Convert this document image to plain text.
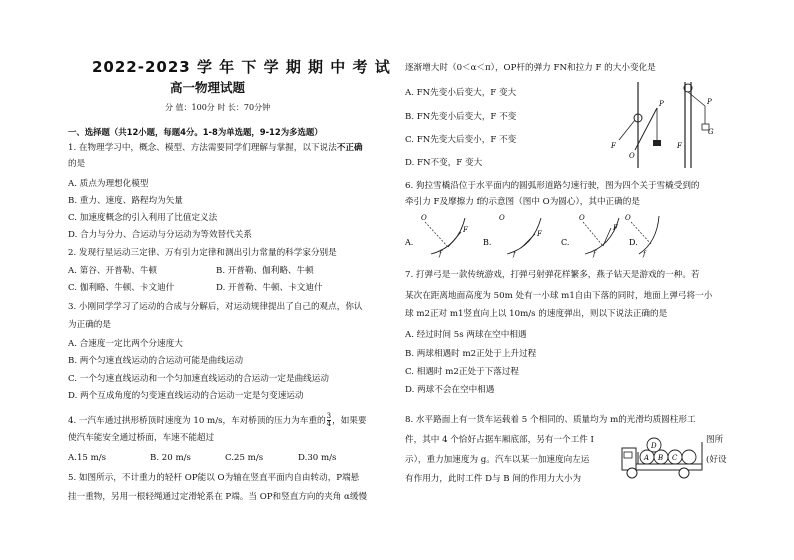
2022-2023 学 年 下 学 期 期 中 考 试
高一物理试题
分 值：100分 时 长：70分钟
一、选择题（共12小题，每题4分。1-8为单选题，9-12为多选题）
1. 在物理学习中，概念、模型、方法需要同学们理解与掌握，以下说法不正确
的是
A. 质点为理想化模型
B. 重力、速度、路程均为矢量
C. 加速度概念的引入利用了比值定义法
D. 合力与分力、合运动与分运动为等效替代关系
2. 发现行星运动三定律、万有引力定律和测出引力常量的科学家分别是
A. 第谷、开普勒、牛顿	B. 开普勒、伽利略、牛顿
C. 伽利略、牛顿、卡文迪什	D. 开普勒、牛顿、卡文迪什
3. 小刚同学学习了运动的合成与分解后，对运动规律提出了自己的观点，你认
为正确的是
A. 合速度一定比两个分速度大
B. 两个匀速直线运动的合运动可能是曲线运动
C. 一个匀速直线运动和一个匀加速直线运动的合运动一定是曲线运动
D. 两个互成角度的匀变速直线运动的合运动一定是匀变速运动
4. 一汽车通过拱形桥顶时速度为 10 m/s，车对桥顶的压力为车重的 $\frac{3}{4}$ ，如果要
使汽车能安全通过桥面，车速不能超过
A.15 m/s	B. 20 m/s	C.25 m/s	D.30 m/s
5. 如图所示，不计重力的轻杆 OP能以 O为轴在竖直平面内自由转动，P端悬
挂一重物，另用一根轻绳通过定滑轮系在 P端。当 OP和竖直方向的夹角 α缓慢
逐渐增大时（0＜α＜π），OP杆的弹力 FN和拉力 F 的大小变化是
A. FN先变小后变大，F 变大
B. FN先变小后变大，F 不变
C. FN先变大后变小，F 不变
D. FN不变，F 变大
F
O
P
G
P
F
6. 狗拉雪橇沿位于水平面内的圆弧形道路匀速行驶，图为四个关于雪橇受到的
牵引力 F及摩擦力 f的示意图（图中 O为圆心），其中正确的是
A.
O
F
f
B.
O
F
f
C.
O
F
f
D.
O
f
7. 打弹弓是一款传统游戏，打弹弓射弹花样繁多，燕子钻天是游戏的一种。若
某次在距离地面高度为 50m 处有一小球 m1自由下落的同时，地面上弹弓将一小
球 m2正对 m1竖直向上以 10m/s 的速度弹出，则以下说法正确的是
A. 经过时间 5s 两球在空中相遇
B. 两球相遇时 m2正处于上升过程
C. 相遇时 m2正处于下落过程
D. 两球不会在空中相遇
8. 水平路面上有一货车运载着 5 个相同的、质量均为 m的光滑均质圆柱形工
件，其中 4 个恰好占据车厢底部，另有一个工件 I	图所
示），重力加速度为 g。汽车以某一加速度向左运	(好设
有作用力，此时工件 D与 B 间的作用力大小为
D
A B C
